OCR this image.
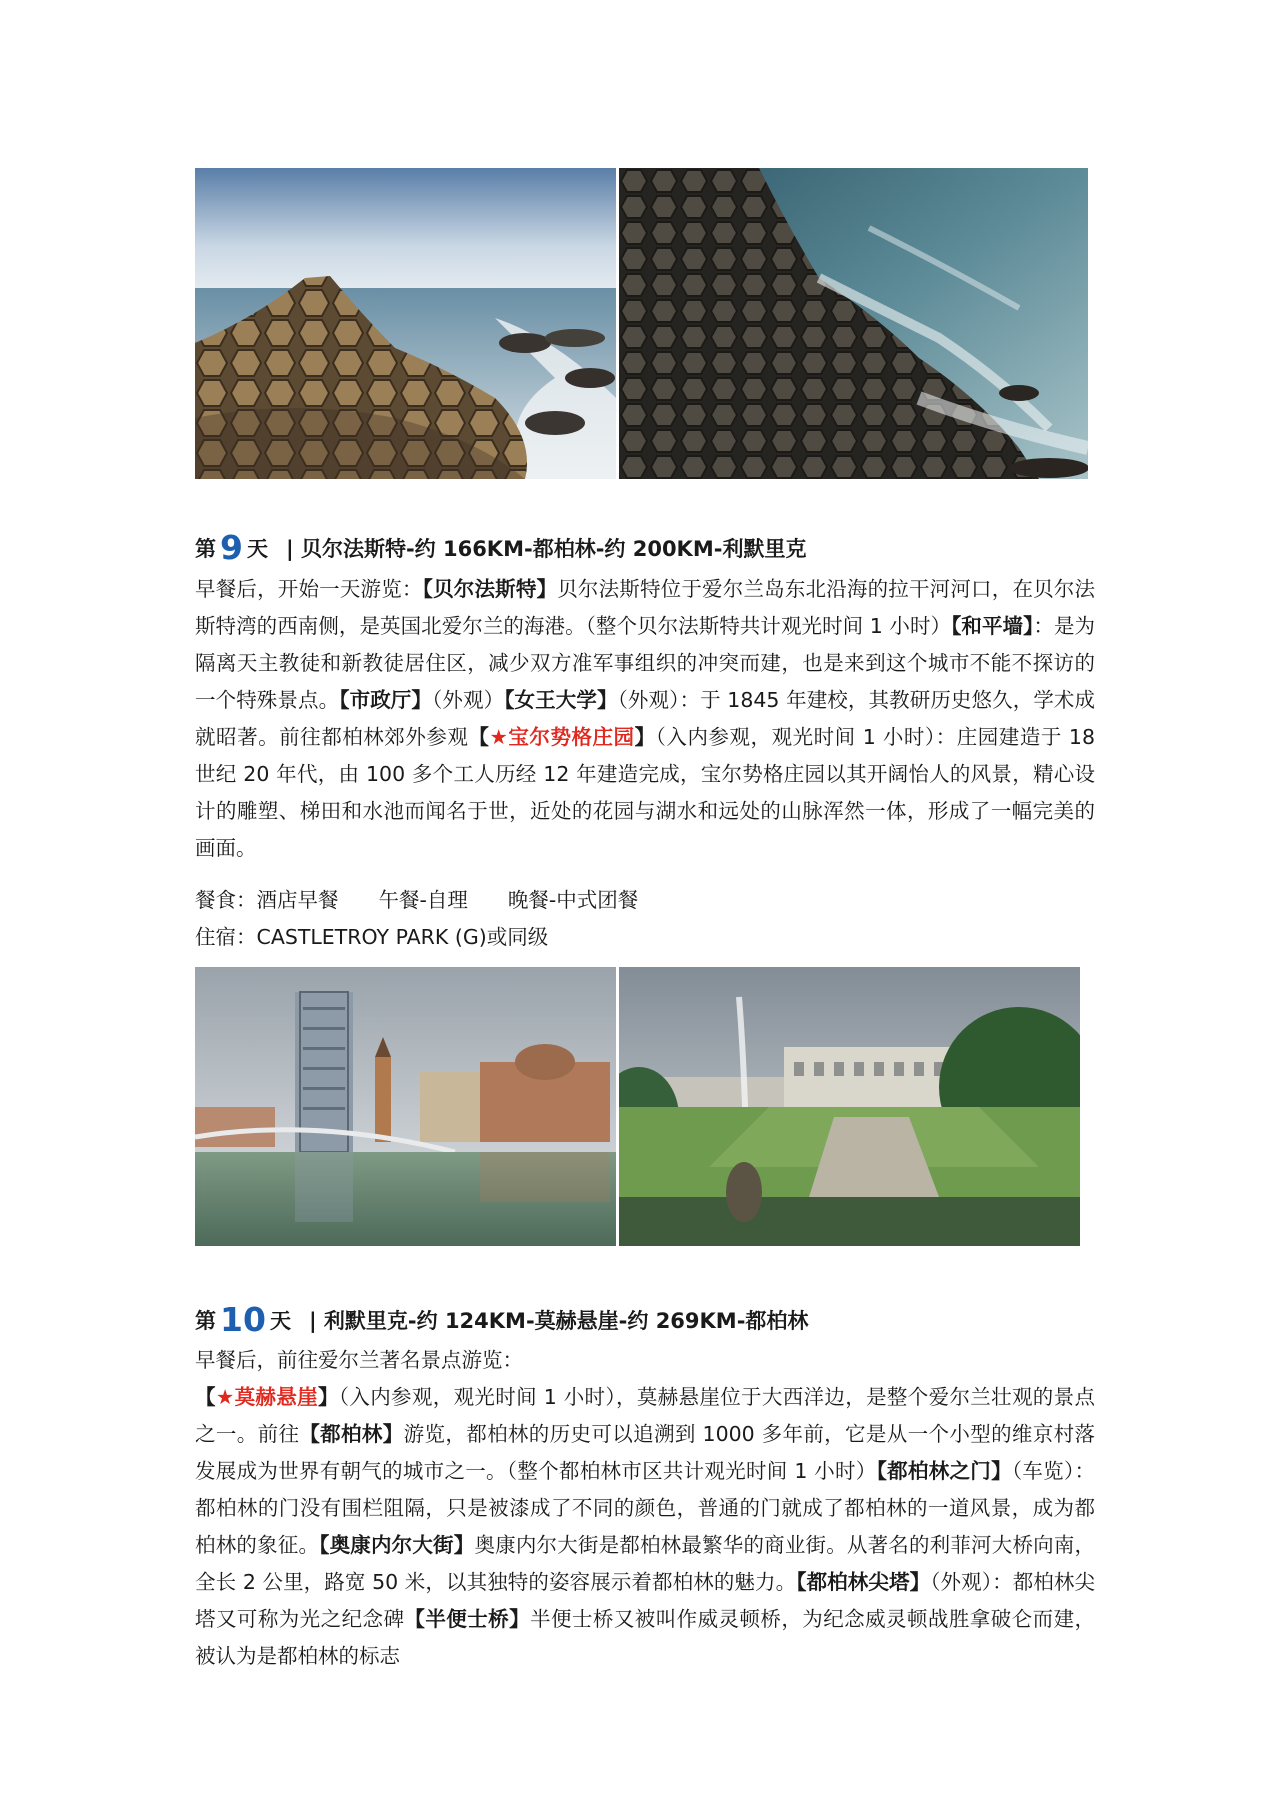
第 9 天 | 贝尔法斯特-约 166KM-都柏林-约 200KM-利默里克

早餐后，开始一天游览：【贝尔法斯特】贝尔法斯特位于爱尔兰岛东北沿海的拉干河河口，在贝尔法斯特湾的西南侧，是英国北爱尔兰的海港。（整个贝尔法斯特共计观光时间 1 小时）【和平墙】：是为隔离天主教徒和新教徒居住区，减少双方准军事组织的冲突而建，也是来到这个城市不能不探访的一个特殊景点。【市政厅】（外观）【女王大学】（外观）：于 1845 年建校，其教研历史悠久，学术成就昭著。前往都柏林郊外参观【★宝尔势格庄园】（入内参观，观光时间 1 小时）：庄园建造于 18 世纪 20 年代，由 100 多个工人历经 12 年建造完成，宝尔势格庄园以其开阔怡人的风景，精心设计的雕塑、梯田和水池而闻名于世，近处的花园与湖水和远处的山脉浑然一体，形成了一幅完美的画面。

餐食：酒店早餐 午餐-自理 晚餐-中式团餐

住宿：CASTLETROY PARK (G)或同级

第 10 天 | 利默里克-约 124KM-莫赫悬崖-约 269KM-都柏林

早餐后，前往爱尔兰著名景点游览：

【★莫赫悬崖】（入内参观，观光时间 1 小时），莫赫悬崖位于大西洋边，是整个爱尔兰壮观的景点之一。前往【都柏林】游览，都柏林的历史可以追溯到 1000 多年前，它是从一个小型的维京村落发展成为世界有朝气的城市之一。（整个都柏林市区共计观光时间 1 小时）【都柏林之门】（车览）：都柏林的门没有围栏阻隔，只是被漆成了不同的颜色，普通的门就成了都柏林的一道风景，成为都柏林的象征。【奥康内尔大街】奥康内尔大街是都柏林最繁华的商业街。从著名的利菲河大桥向南，全长 2 公里，路宽 50 米，以其独特的姿容展示着都柏林的魅力。【都柏林尖塔】（外观）：都柏林尖塔又可称为光之纪念碑【半便士桥】半便士桥又被叫作威灵顿桥，为纪念威灵顿战胜拿破仑而建，被认为是都柏林的标志
